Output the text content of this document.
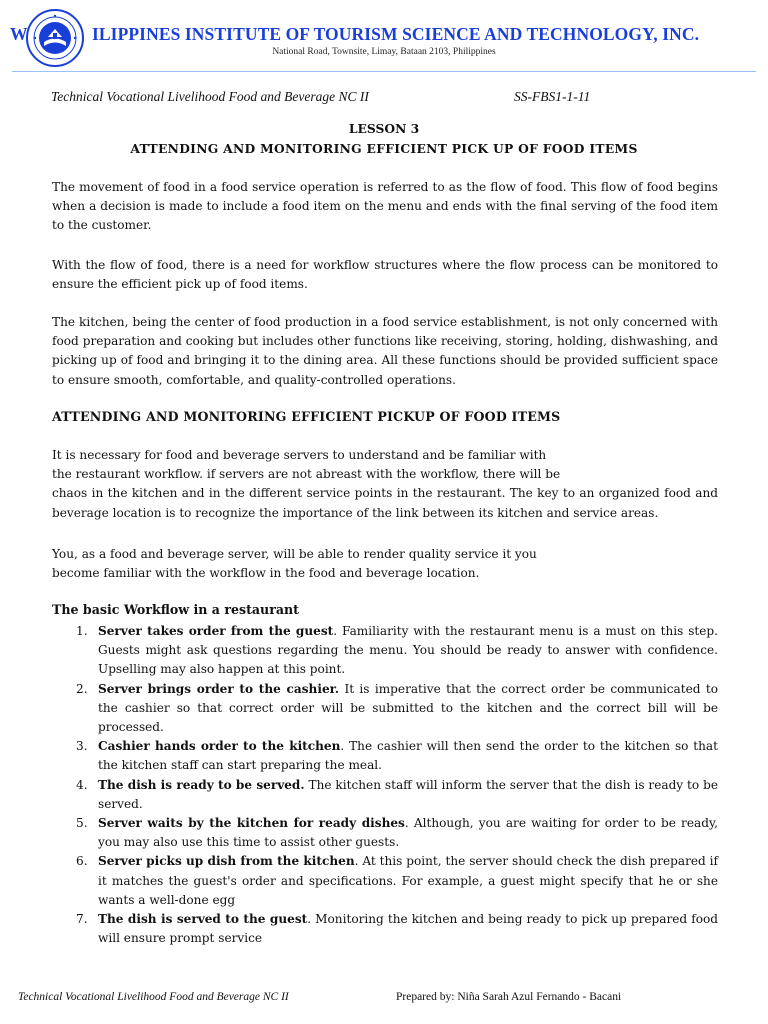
W	ILIPPINES INSTITUTE OF TOURISM SCIENCE AND TECHNOLOGY, INC.
National Road, Townsite, Limay, Bataan 2103, Philippines
Technical Vocational Livelihood Food and Beverage NC II	SS-FBS1-1-11
LESSON 3
ATTENDING AND MONITORING EFFICIENT PICK UP OF FOOD ITEMS
The movement of food in a food service operation is referred to as the flow of food. This flow of food begins when a decision is made to include a food item on the menu and ends with the final serving of the food item to the customer.
With the flow of food, there is a need for workflow structures where the flow process can be monitored to ensure the efficient pick up of food items.
The kitchen, being the center of food production in a food service establishment, is not only concerned with food preparation and cooking but includes other functions like receiving, storing, holding, dishwashing, and picking up of food and bringing it to the dining area. All these functions should be provided sufficient space to ensure smooth, comfortable, and quality-controlled operations.
ATTENDING AND MONITORING EFFICIENT PICKUP OF FOOD ITEMS
It is necessary for food and beverage servers to understand and be familiar with
the restaurant workflow. if servers are not abreast with the workflow, there will be
chaos in the kitchen and in the different service points in the restaurant. The key to an organized food and beverage location is to recognize the importance of the link between its kitchen and service areas.
You, as a food and beverage server, will be able to render quality service it you
become familiar with the workflow in the food and beverage location.
The basic Workflow in a restaurant
1. Server takes order from the guest. Familiarity with the restaurant menu is a must on this step. Guests might ask questions regarding the menu. You should be ready to answer with confidence. Upselling may also happen at this point.
2. Server brings order to the cashier. It is imperative that the correct order be communicated to the cashier so that correct order will be submitted to the kitchen and the correct bill will be processed.
3. Cashier hands order to the kitchen. The cashier will then send the order to the kitchen so that the kitchen staff can start preparing the meal.
4. The dish is ready to be served. The kitchen staff will inform the server that the dish is ready to be served.
5. Server waits by the kitchen for ready dishes. Although, you are waiting for order to be ready, you may also use this time to assist other guests.
6. Server picks up dish from the kitchen. At this point, the server should check the dish prepared if it matches the guest's order and specifications. For example, a guest might specify that he or she wants a well-done egg
7. The dish is served to the guest. Monitoring the kitchen and being ready to pick up prepared food will ensure prompt service
Technical Vocational Livelihood Food and Beverage NC II	Prepared by: Niña Sarah Azul Fernando - Bacani
